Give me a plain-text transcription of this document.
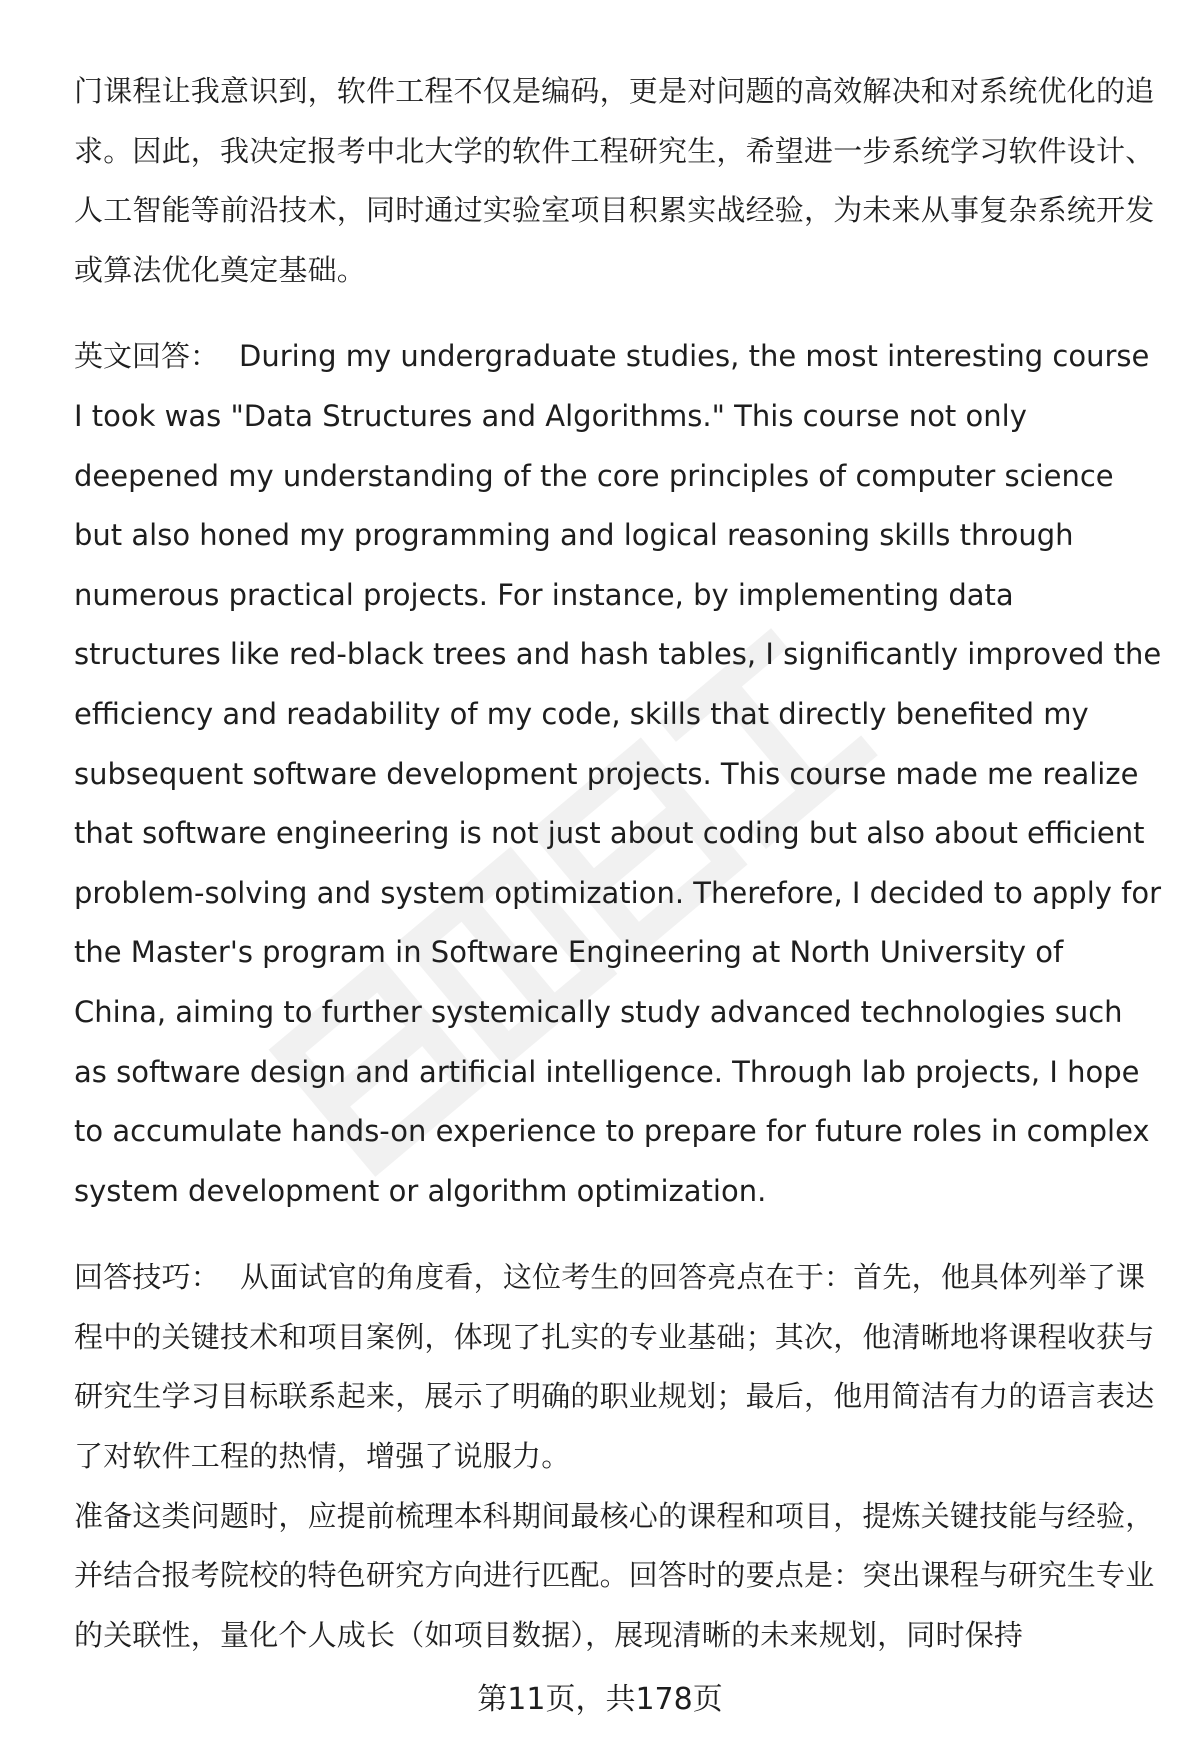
门课程让我意识到，软件工程不仅是编码，更是对问题的高效解决和对系统优化的追求。因此，我决定报考中北大学的软件工程研究生，希望进一步系统学习软件设计、人工智能等前沿技术，同时通过实验室项目积累实战经验，为未来从事复杂系统开发或算法优化奠定基础。

英文回答： During my undergraduate studies, the most interesting course I took was "Data Structures and Algorithms." This course not only deepened my understanding of the core principles of computer science but also honed my programming and logical reasoning skills through numerous practical projects. For instance, by implementing data structures like red-black trees and hash tables, I significantly improved the efficiency and readability of my code, skills that directly benefited my subsequent software development projects. This course made me realize that software engineering is not just about coding but also about efficient problem-solving and system optimization. Therefore, I decided to apply for the Master's program in Software Engineering at North University of China, aiming to further systemically study advanced technologies such as software design and artificial intelligence. Through lab projects, I hope to accumulate hands-on experience to prepare for future roles in complex system development or algorithm optimization.

回答技巧： 从面试官的角度看，这位考生的回答亮点在于：首先，他具体列举了课程中的关键技术和项目案例，体现了扎实的专业基础；其次，他清晰地将课程收获与研究生学习目标联系起来，展示了明确的职业规划；最后，他用简洁有力的语言表达了对软件工程的热情，增强了说服力。

准备这类问题时，应提前梳理本科期间最核心的课程和项目，提炼关键技能与经验，并结合报考院校的特色研究方向进行匹配。回答时的要点是：突出课程与研究生专业的关联性，量化个人成长（如项目数据），展现清晰的未来规划，同时保持

第11页，共178页
